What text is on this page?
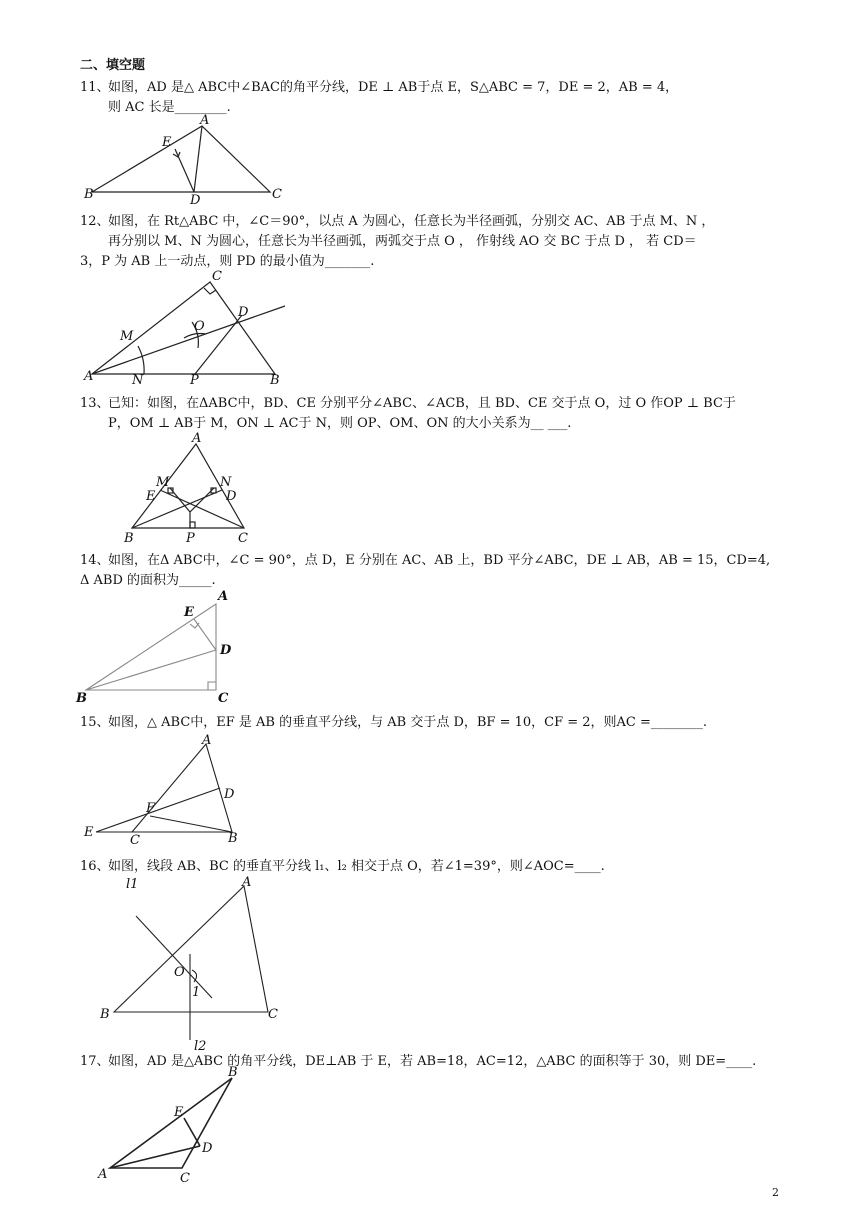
二、填空题
11、
如图，AD 是△ ABC中∠BAC的角平分线，DE ⊥ AB于点 E，S△ABC = 7，DE = 2，AB = 4，
则 AC 长是________.
A
E
B	D	C
12、
如图，在 Rt△ABC 中，∠C＝90°，以点 A 为圆心，任意长为半径画弧，分别交 AC、AB 于点 M、N ，
再分别以 M、N 为圆心，任意长为半径画弧，两弧交于点 O ， 作射线 AO 交 BC 于点 D ， 若 CD＝
3，P 为 AB 上一动点，则 PD 的最小值为_______.
C
M
O
D
A	N	P	B
13、
已知：如图，在ΔABC中，BD、CE 分别平分∠ABC、∠ACB，且 BD、CE 交于点 O，过 O 作OP ⊥ BC于
P，OM ⊥ AB于 M，ON ⊥ AC于 N，则 OP、OM、ON 的大小关系为__ ___.
A
M	N
E	D
B	P	C
14、
如图，在Δ ABC中，∠C = 90°，点 D，E 分别在 AC、AB 上，BD 平分∠ABC，DE ⊥ AB，AB = 15，CD=4,
Δ ABD 的面积为_____.
E
A
D
B	C
15、
如图，△ ABC中，EF 是 AB 的垂直平分线，与 AB 交于点 D，BF = 10，CF = 2，则AC =________.
A
D
F
E
C	B
16、
如图，线段 AB、BC 的垂直平分线 l₁、l₂ 相交于点 O，若∠1=39°，则∠AOC=____.
l1	A
O
1
B	C
l2
17、
如图，AD 是△ABC 的角平分线，DE⊥AB 于 E，若 AB=18，AC=12，△ABC 的面积等于 30，则 DE=____.
B
E
D
A	C
2
